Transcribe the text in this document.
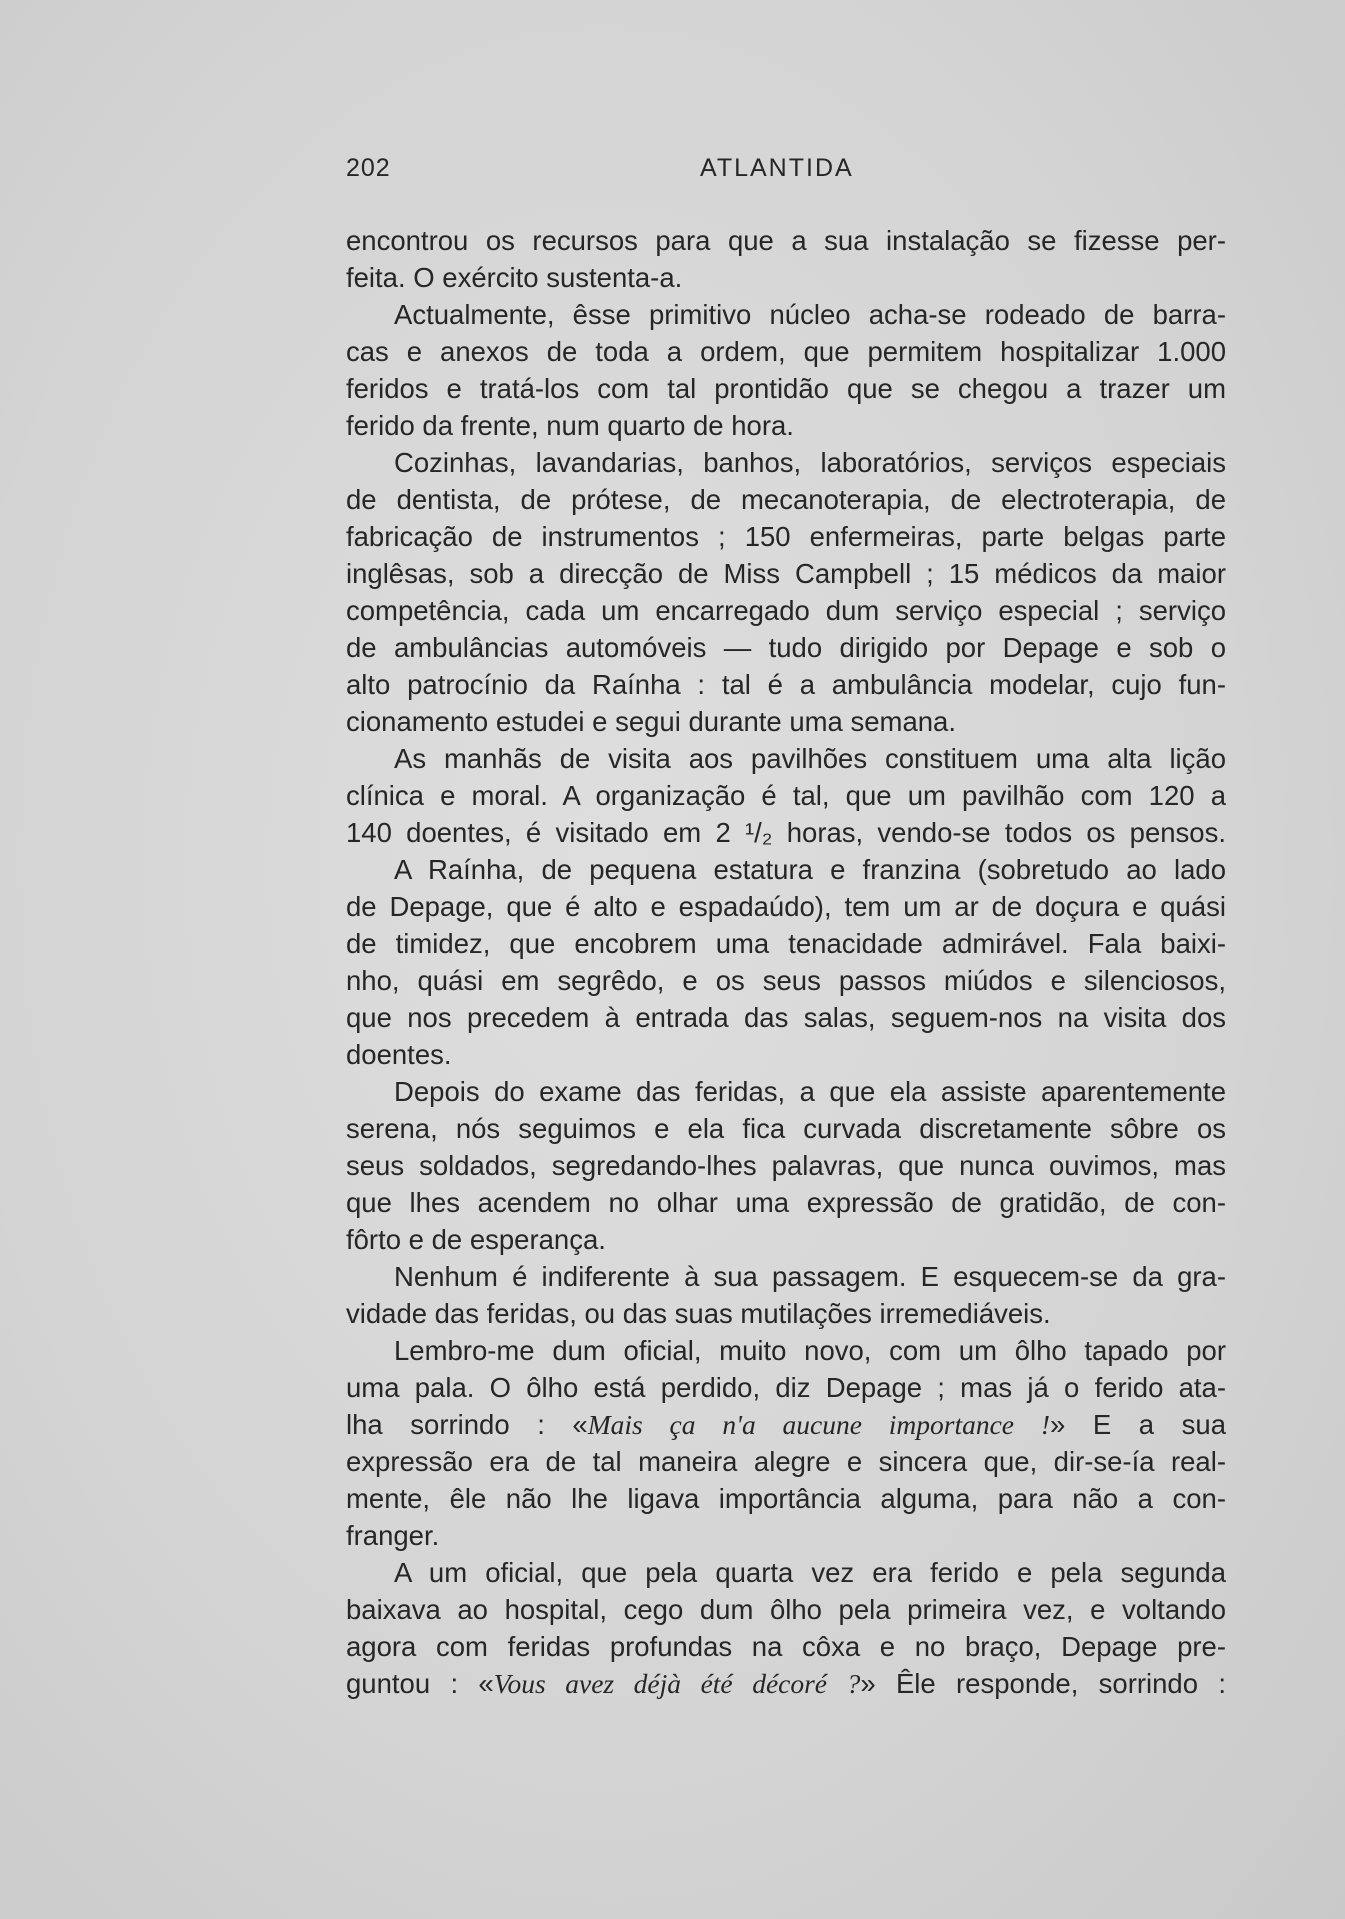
202	ATLANTIDA
encontrou os recursos para que a sua instalação se fizesse per-
feita. O exército sustenta-a.
Actualmente, êsse primitivo núcleo acha-se rodeado de barra-
cas e anexos de toda a ordem, que permitem hospitalizar 1.000
feridos e tratá-los com tal prontidão que se chegou a trazer um
ferido da frente, num quarto de hora.
Cozinhas, lavandarias, banhos, laboratórios, serviços especiais
de dentista, de prótese, de mecanoterapia, de electroterapia, de
fabricação de instrumentos ; 150 enfermeiras, parte belgas parte
inglêsas, sob a direcção de Miss Campbell ; 15 médicos da maior
competência, cada um encarregado dum serviço especial ; serviço
de ambulâncias automóveis — tudo dirigido por Depage e sob o
alto patrocínio da Raínha : tal é a ambulância modelar, cujo fun-
cionamento estudei e segui durante uma semana.
As manhãs de visita aos pavilhões constituem uma alta lição
clínica e moral. A organização é tal, que um pavilhão com 120 a
140 doentes, é visitado em 2 ¹/₂ horas, vendo-se todos os pensos.
A Raínha, de pequena estatura e franzina (sobretudo ao lado
de Depage, que é alto e espadaúdo), tem um ar de doçura e quási
de timidez, que encobrem uma tenacidade admirável. Fala baixi-
nho, quási em segrêdo, e os seus passos miúdos e silenciosos,
que nos precedem à entrada das salas, seguem-nos na visita dos
doentes.
Depois do exame das feridas, a que ela assiste aparentemente
serena, nós seguimos e ela fica curvada discretamente sôbre os
seus soldados, segredando-lhes palavras, que nunca ouvimos, mas
que lhes acendem no olhar uma expressão de gratidão, de con-
fôrto e de esperança.
Nenhum é indiferente à sua passagem. E esquecem-se da gra-
vidade das feridas, ou das suas mutilações irremediáveis.
Lembro-me dum oficial, muito novo, com um ôlho tapado por
uma pala. O ôlho está perdido, diz Depage ; mas já o ferido ata-
lha sorrindo : «Mais ça n'a aucune importance !» E a sua
expressão era de tal maneira alegre e sincera que, dir-se-ía real-
mente, êle não lhe ligava importância alguma, para não a con-
franger.
A um oficial, que pela quarta vez era ferido e pela segunda
baixava ao hospital, cego dum ôlho pela primeira vez, e voltando
agora com feridas profundas na côxa e no braço, Depage pre-
guntou : «Vous avez déjà été décoré ?» Êle responde, sorrindo :
